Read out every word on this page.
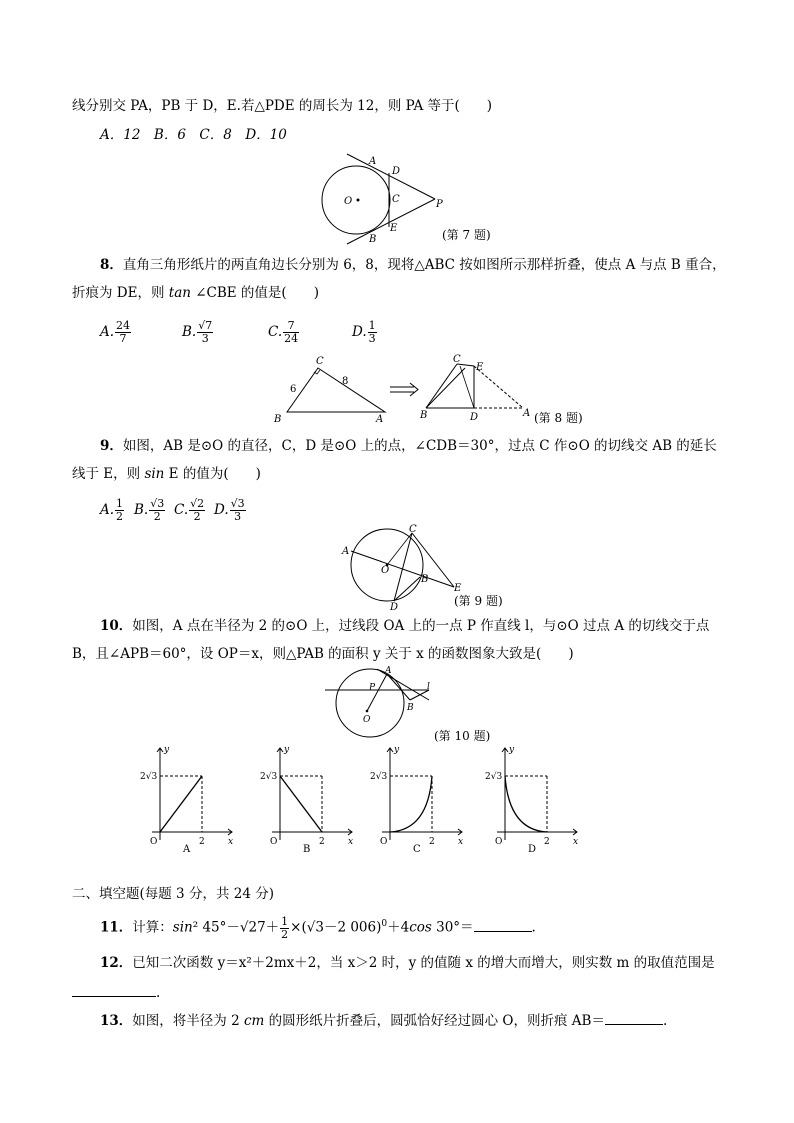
线分别交 PA，PB 于 D，E.若△PDE 的周长为 12，则 PA 等于(　　)
A．12　B．6　C．8　D．10
O
A
B
D
C
E
P
(第 7 题)
8．直角三角形纸片的两直角边长分别为 6，8，现将△ABC 按如图所示那样折叠，使点 A 与点 B 重合，
折痕为 DE，则 tan ∠CBE 的值是(　　)
A. $\frac{24}{7}$	B. $\frac{√7}{3}$	C. $\frac{7}{24}$	D. $\frac{1}{3}$
C
B	A
6
8
C
E
B	D	A (第 8 题)
9．如图，AB 是⊙O 的直径，C，D 是⊙O 上的点，∠CDB＝30°，过点 C 作⊙O 的切线交 AB 的延长
线于 E，则 sin E 的值为(　　)
A. $\frac{1}{2} B$. $\frac{√3}{2} C$. $\frac{√2}{2} D$. $\frac{√3}{3}$
A
C
O
B
E
D	(第 9 题)
10．如图，A 点在半径为 2 的⊙O 上，过线段 OA 上的一点 P 作直线 l，与⊙O 过点 A 的切线交于点
B，且∠APB＝60°，设 OP＝x，则△PAB 的面积 y 关于 x 的函数图象大致是(　　)
A
P
O
B
l
(第 10 题)
y
x
2√3
2
O
A
y
x
2√3
2
O
B
y
x
2√3
2
O
C
y
x
2√3
2
O
D
二、填空题(每题 3 分，共 24 分)
11．计算：sin² $45^\circ-√27+ \frac{1}{2} \times(√3-2$ 006)$^0$＋4cos 30°＝	.
12．已知二次函数 y＝x²＋2mx＋2，当 x＞2 时，y 的值随 x 的增大而增大，则实数 m 的取值范围是
.
13．如图，将半径为 2 cm 的圆形纸片折叠后，圆弧恰好经过圆心 O，则折痕 AB＝	.
